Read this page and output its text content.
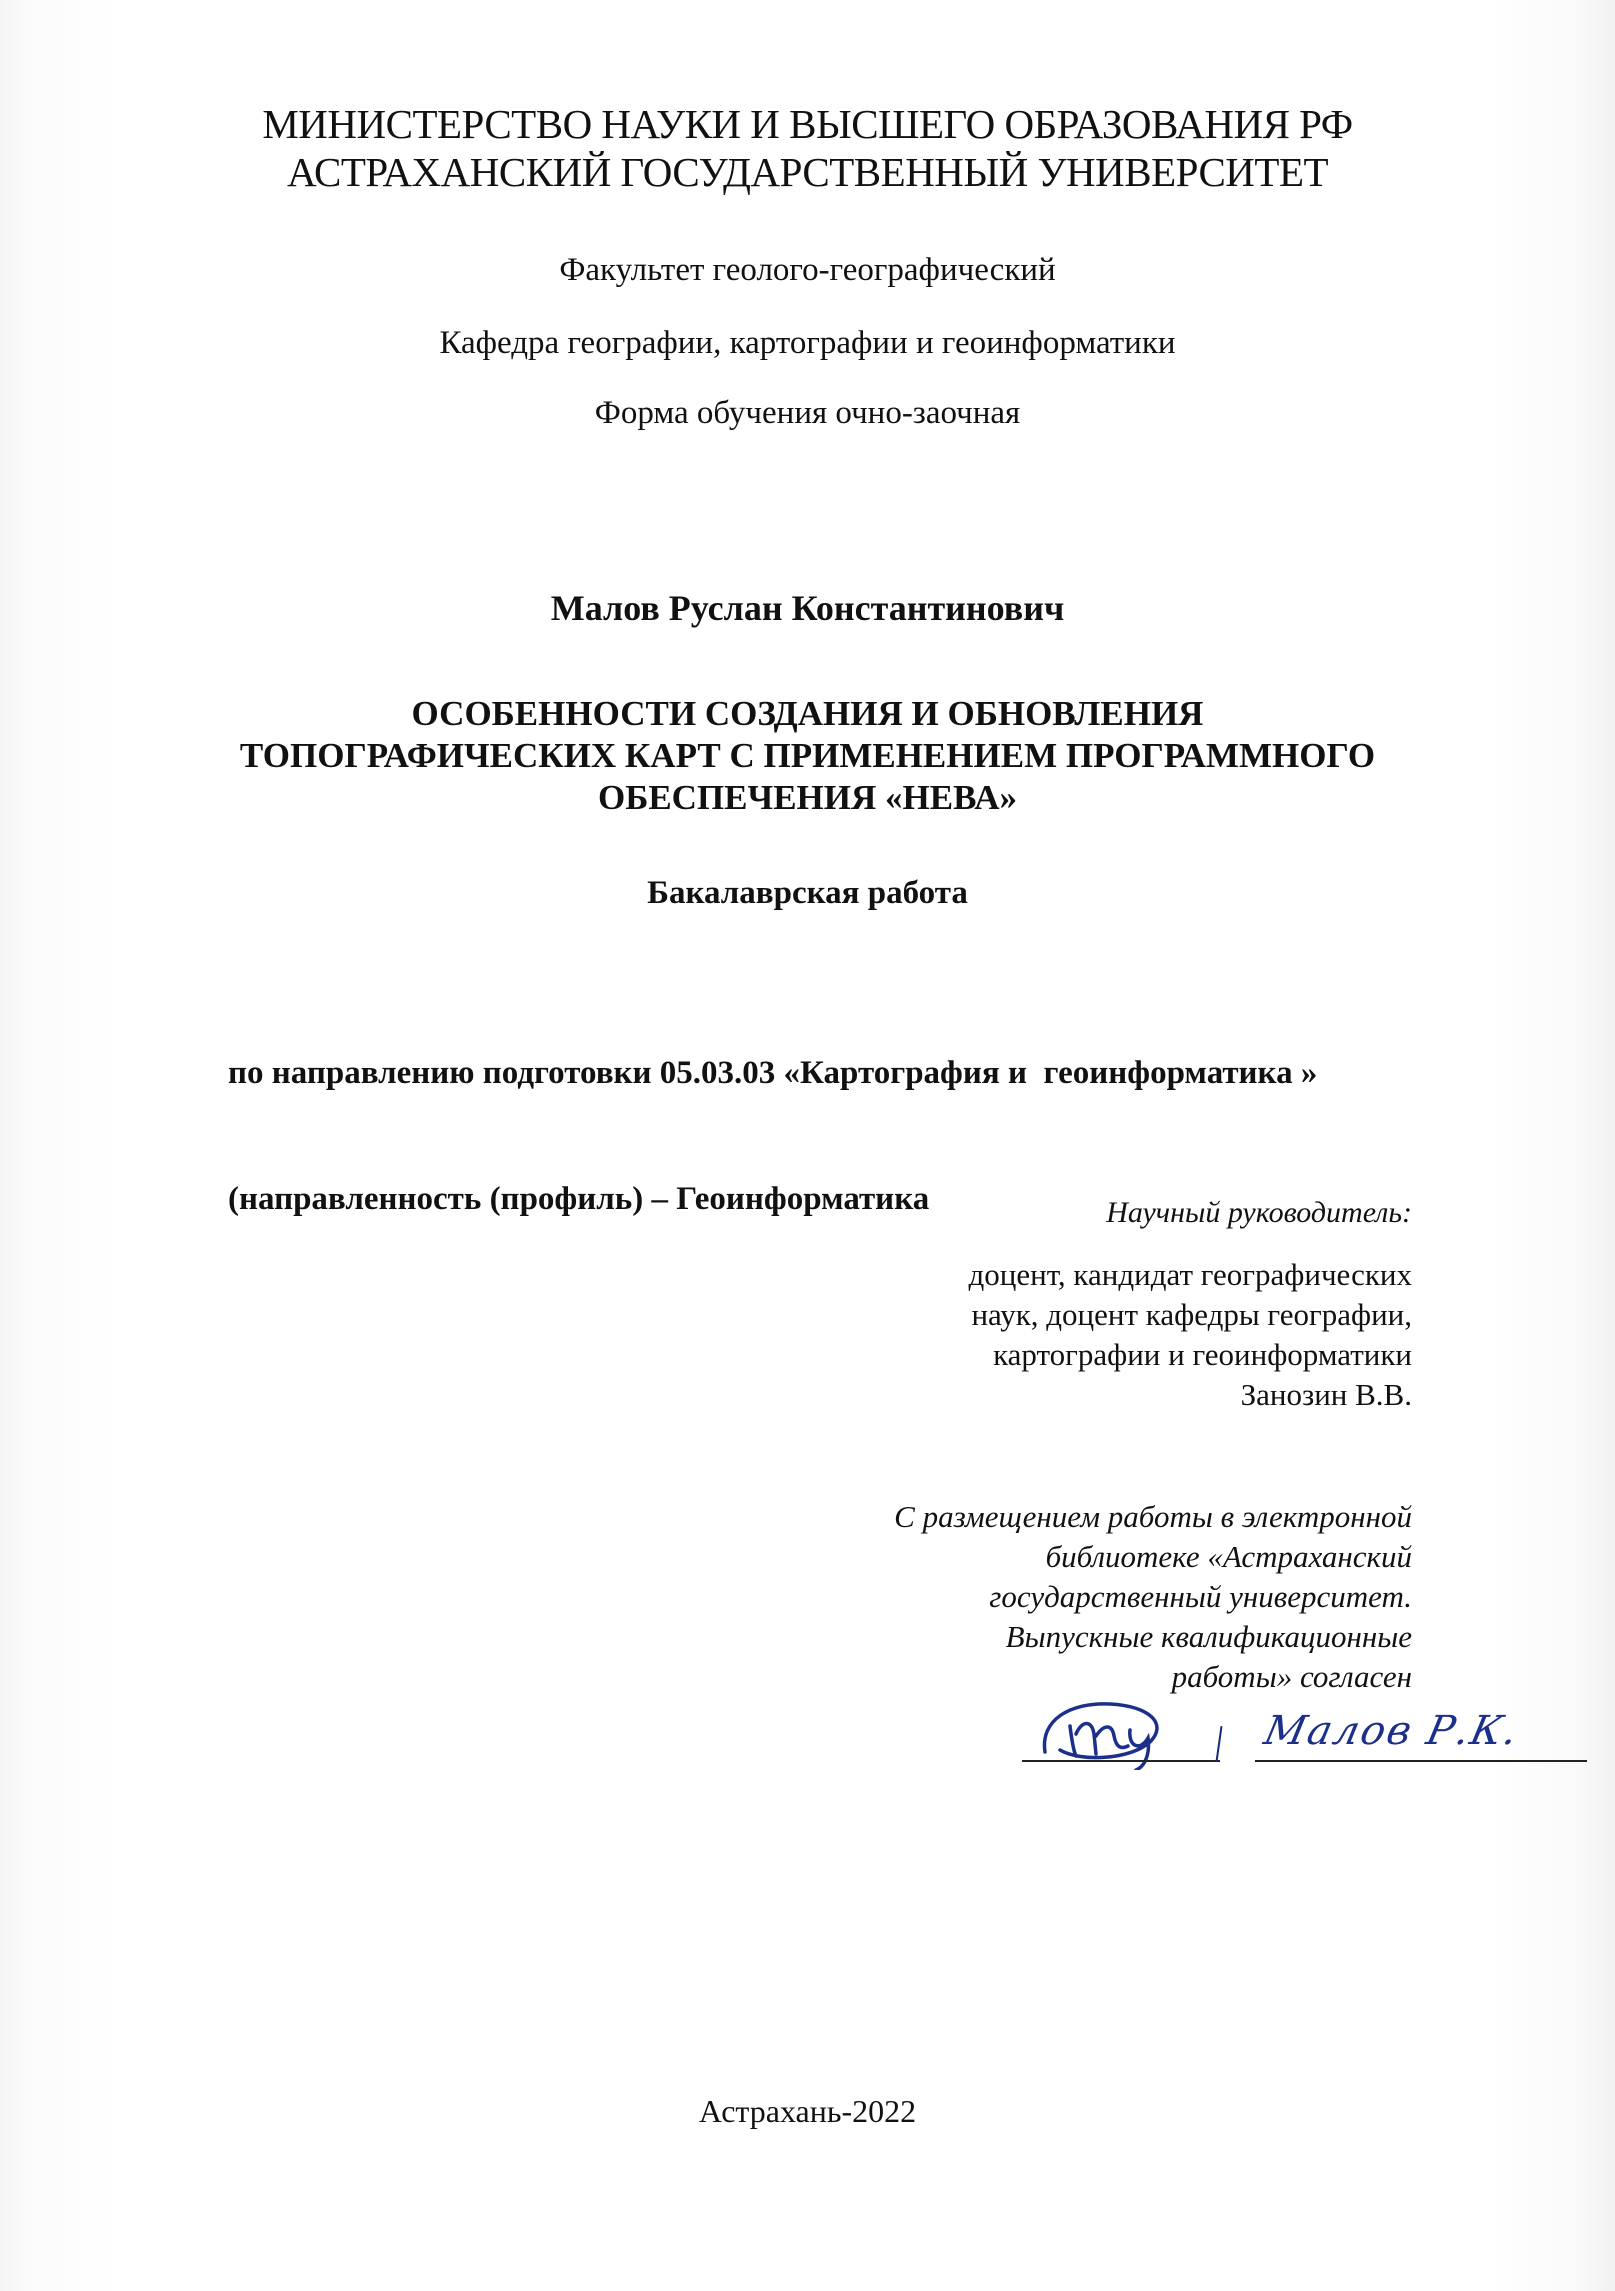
МИНИСТЕРСТВО НАУКИ И ВЫСШЕГО ОБРАЗОВАНИЯ РФ
АСТРАХАНСКИЙ ГОСУДАРСТВЕННЫЙ УНИВЕРСИТЕТ
Факультет геолого-географический
Кафедра географии, картографии и геоинформатики
Форма обучения очно-заочная
Малов Руслан Константинович
ОСОБЕННОСТИ СОЗДАНИЯ И ОБНОВЛЕНИЯ
ТОПОГРАФИЧЕСКИХ КАРТ С ПРИМЕНЕНИЕМ ПРОГРАММНОГО
ОБЕСПЕЧЕНИЯ «НЕВА»
Бакалаврская работа

по направлению подготовки 05.03.03 «Картография и  геоинформатика »

(направленность (профиль) – Геоинформатика

	Научный руководитель:
доцент, кандидат географических
наук, доцент кафедры географии,
картографии и геоинформатики
Занозин В.В.
С размещением работы в электронной
библиотеке «Астраханский
государственный университет.
Выпускные квалификационные
работы» согласен
Малов Р.К.
Астрахань-2022
